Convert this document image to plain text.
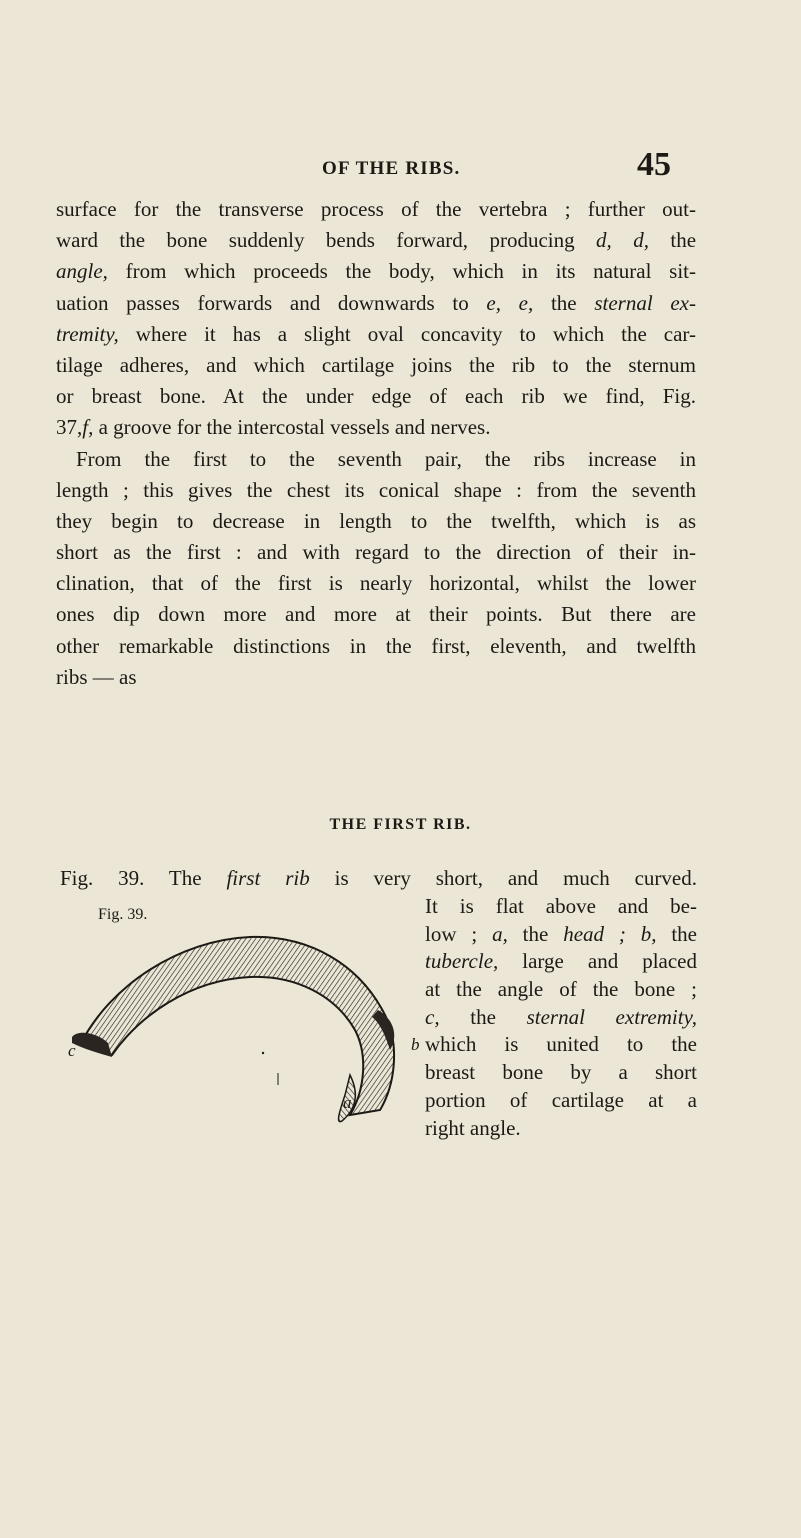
OF THE RIBS.	45
surface for the transverse process of the vertebra ; further out-
ward the bone suddenly bends forward, producing d, d, the
angle, from which proceeds the body, which in its natural sit-
uation passes forwards and downwards to e, e, the sternal ex-
tremity, where it has a slight oval concavity to which the car-
tilage adheres, and which cartilage joins the rib to the sternum
or breast bone. At the under edge of each rib we find, Fig.
37,f, a groove for the intercostal vessels and nerves.
From the first to the seventh pair, the ribs increase in
length ; this gives the chest its conical shape : from the seventh
they begin to decrease in length to the twelfth, which is as
short as the first : and with regard to the direction of their in-
clination, that of the first is nearly horizontal, whilst the lower
ones dip down more and more at their points. But there are
other remarkable distinctions in the first, eleventh, and twelfth
ribs — as
THE FIRST RIB.
Fig. 39. The first rib is very short, and much curved.
Fig. 39.
c	b
a
It is flat above and be-
low ; a, the head ; b, the
tubercle, large and placed
at the angle of the bone ;
c, the sternal extremity,
which is united to the
breast bone by a short
portion of cartilage at a
right angle.
